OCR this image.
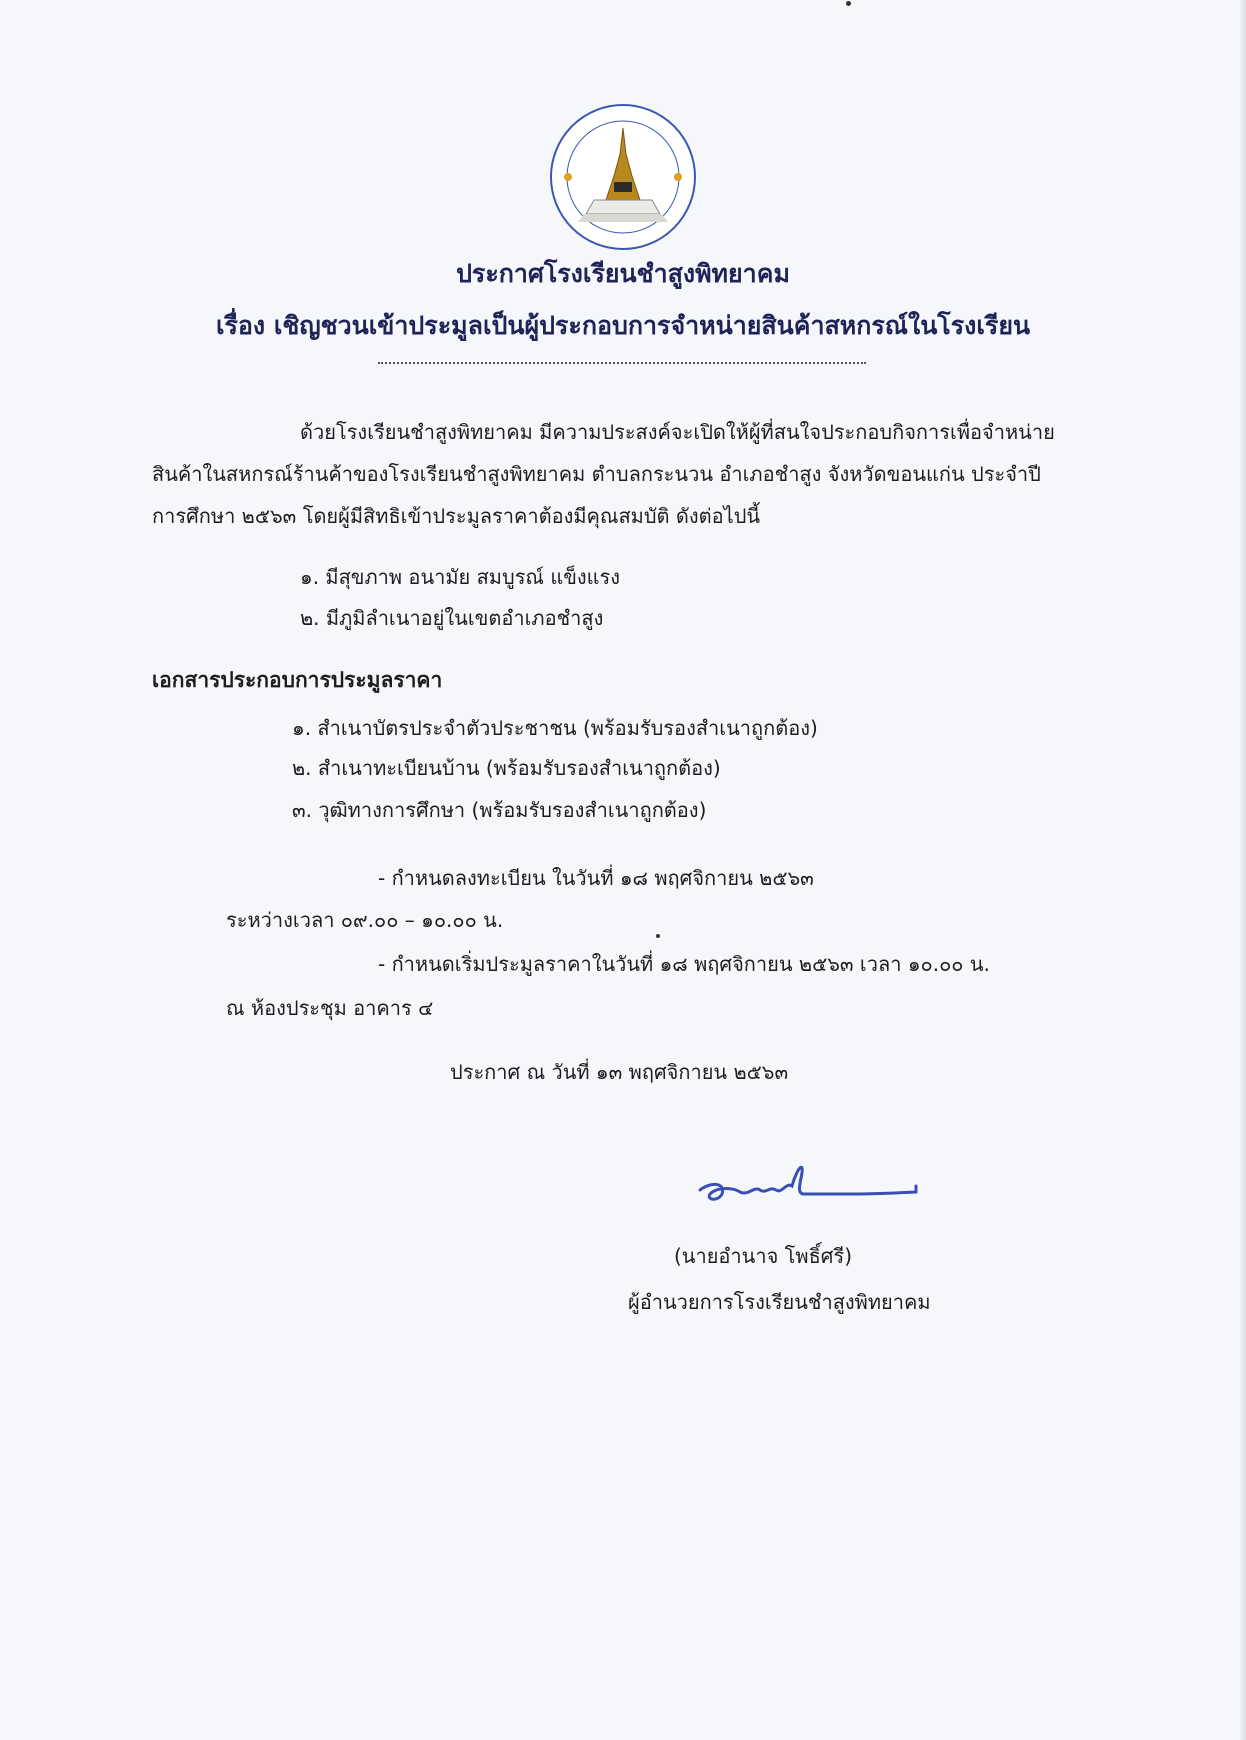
ประกาศโรงเรียนชำสูงพิทยาคม
เรื่อง เชิญชวนเข้าประมูลเป็นผู้ประกอบการจำหน่ายสินค้าสหกรณ์ในโรงเรียน
ด้วยโรงเรียนชำสูงพิทยาคม มีความประสงค์จะเปิดให้ผู้ที่สนใจประกอบกิจการเพื่อจำหน่าย
สินค้าในสหกรณ์ร้านค้าของโรงเรียนชำสูงพิทยาคม ตำบลกระนวน อำเภอชำสูง จังหวัดขอนแก่น ประจำปี
การศึกษา ๒๕๖๓ โดยผู้มีสิทธิเข้าประมูลราคาต้องมีคุณสมบัติ ดังต่อไปนี้
๑. มีสุขภาพ อนามัย สมบูรณ์ แข็งแรง
๒. มีภูมิลำเนาอยู่ในเขตอำเภอชำสูง
เอกสารประกอบการประมูลราคา
๑. สำเนาบัตรประจำตัวประชาชน (พร้อมรับรองสำเนาถูกต้อง)
๒. สำเนาทะเบียนบ้าน (พร้อมรับรองสำเนาถูกต้อง)
๓. วุฒิทางการศึกษา (พร้อมรับรองสำเนาถูกต้อง)
- กำหนดลงทะเบียน ในวันที่ ๑๘ พฤศจิกายน ๒๕๖๓
ระหว่างเวลา ๐๙.๐๐ – ๑๐.๐๐ น.
- กำหนดเริ่มประมูลราคาในวันที่ ๑๘ พฤศจิกายน ๒๕๖๓ เวลา ๑๐.๐๐ น.
ณ ห้องประชุม อาคาร ๔
ประกาศ ณ วันที่ ๑๓ พฤศจิกายน ๒๕๖๓
(นายอำนาจ โพธิ์ศรี)
ผู้อำนวยการโรงเรียนชำสูงพิทยาคม
